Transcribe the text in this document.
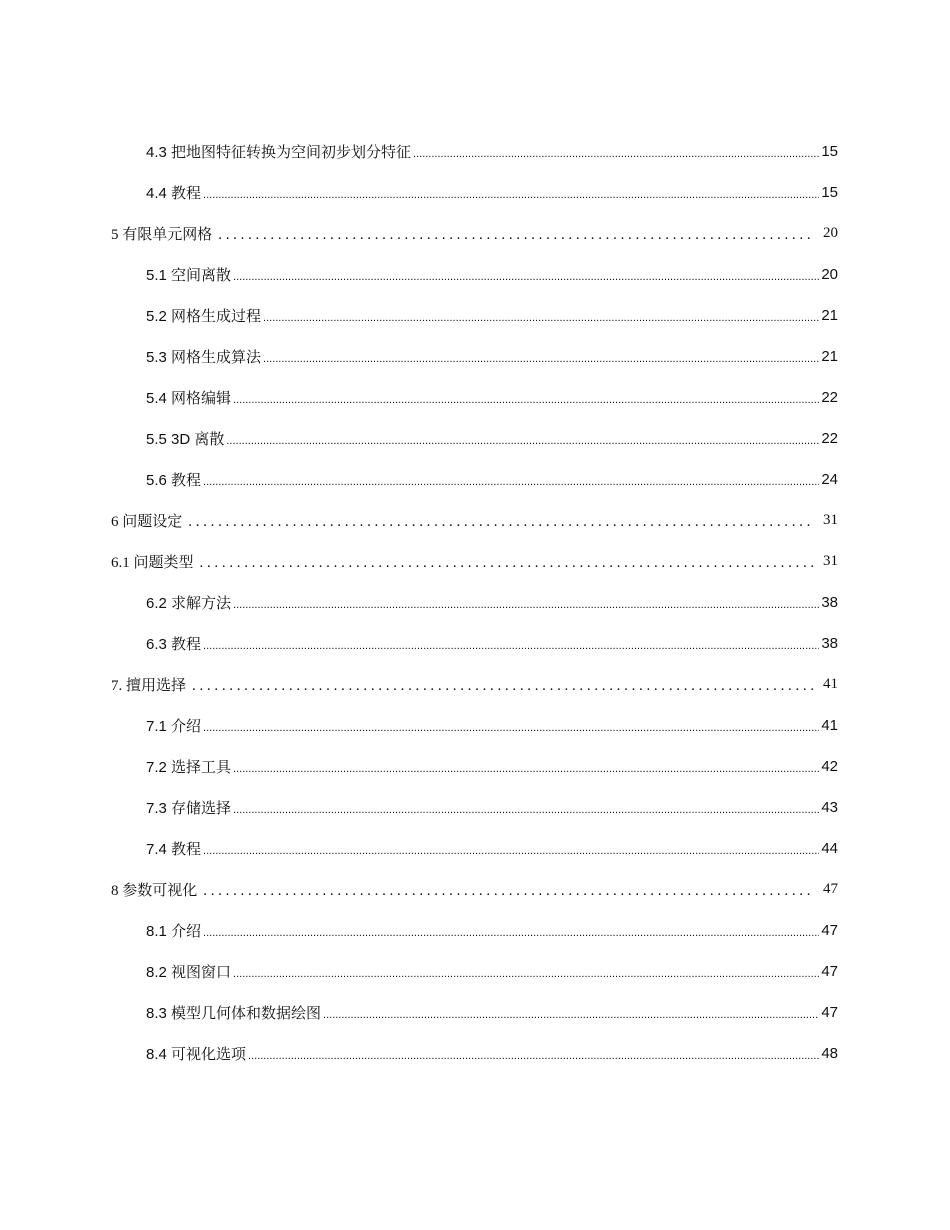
4.3 把地图特征转换为空间初步划分特征 .....	15
4.4 教程 .....	15
5 有限单元网格 .....	20
5.1 空间离散 .....	20
5.2 网格生成过程 .....	21
5.3 网格生成算法 .....	21
5.4 网格编辑 .....	22
5.5 3D 离散 .....	22
5.6 教程 .....	24
6 问题设定 .....	31
6.1 问题类型 .....	31
6.2 求解方法 .....	38
6.3 教程 .....	38
7. 擅用选择 .....	41
7.1 介绍 .....	41
7.2 选择工具 .....	42
7.3 存储选择 .....	43
7.4 教程 .....	44
8 参数可视化 .....	47
8.1 介绍 .....	47
8.2 视图窗口 .....	47
8.3 模型几何体和数据绘图 .....	47
8.4 可视化选项 .....	48
